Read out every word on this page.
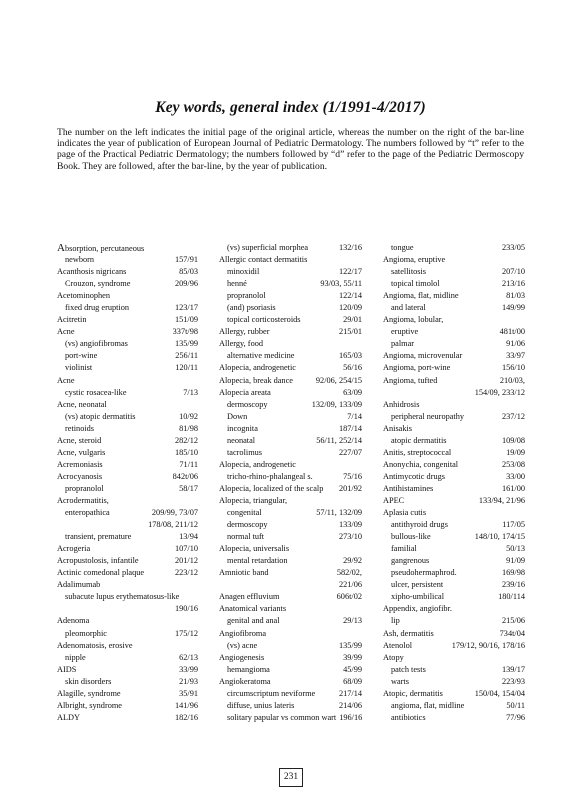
Key words, general index (1/1991-4/2017)
The number on the left indicates the initial page of the original article, whereas the number on the right of the bar-line indicates the year of publication of European Journal of Pediatric Dermatology. The numbers followed by “t” refer to the page of the Practical Pediatric Dermatology; the numbers followed by “d” refer to the page of the Pediatric Dermoscopy Book. They are followed, after the bar-line, by the year of publication.
Absorption, percutaneous
newborn	157/91
Acanthosis nigricans	85/03
Crouzon, syndrome	209/96
Acetominophen
fixed drug eruption	123/17
Acitretin	151/09
Acne	337t/98
(vs) angiofibromas	135/99
port-wine	256/11
violinist	120/11
Acne
cystic rosacea-like	7/13
Acne, neonatal
(vs) atopic dermatitis	10/92
retinoids	81/98
Acne, steroid	282/12
Acne, vulgaris	185/10
Acremoniasis	71/11
Acrocyanosis	842t/06
propranolol	58/17
Acrodermatitis,
enteropathica	209/99, 73/07
178/08, 211/12
transient, premature	13/94
Acrogeria	107/10
Acropustolosis, infantile	201/12
Actinic comedonal plaque	223/12
Adalimumab
subacute lupus erythematosus-like
190/16
Adenoma
pleomorphic	175/12
Adenomatosis, erosive
nipple	62/13
AIDS	33/99
skin disorders	21/93
Alagille, syndrome	35/91
Albright, syndrome	141/96
ALDY	182/16
(vs) superficial morphea	132/16
Allergic contact dermatitis
minoxidil	122/17
henné	93/03, 55/11
propranolol	122/14
(and) psoriasis	120/09
topical corticosteroids	29/01
Allergy, rubber	215/01
Allergy, food
alternative medicine	165/03
Alopecia, androgenetic	56/16
Alopecia, break dance	92/06, 254/15
Alopecia areata	63/09
dermoscopy	132/09, 133/09
Down	7/14
incognita	187/14
neonatal	56/11, 252/14
tacrolimus	227/07
Alopecia, androgenetic
tricho-rhino-phalangeal s.	75/16
Alopecia, localized of the scalp	201/92
Alopecia, triangular,
congenital	57/11, 132/09
dermoscopy	133/09
normal tuft	273/10
Alopecia, universalis
mental retardation	29/92
Amniotic band	582/02,
221/06
Anagen effluvium	606t/02
Anatomical variants
genital and anal	29/13
Angiofibroma
(vs) acne	135/99
Angiogenesis	39/99
hemangioma	45/99
Angiokeratoma	68/09
circumscriptum neviforme	217/14
diffuse, unius lateris	214/06
solitary papular vs common wart 196/16
tongue	233/05
Angioma, eruptive
satellitosis	207/10
topical timolol	213/16
Angioma, flat, midline	81/03
and lateral	149/99
Angioma, lobular,
eruptive	481t/00
palmar	91/06
Angioma, microvenular	33/97
Angioma, port-wine	156/10
Angioma, tufted	210/03,
154/09, 233/12
Anhidrosis
peripheral neuropathy	237/12
Anisakis
atopic dermatitis	109/08
Anitis, streptococcal	19/09
Anonychia, congenital	253/08
Antimycotic drugs	33/00
Antihistamines	161/00
APEC	133/94, 21/96
Aplasia cutis
antithyroid drugs	117/05
bullous-like	148/10, 174/15
familial	50/13
gangrenous	91/09
pseudohermaphrod.	169/98
ulcer, persistent	239/16
xipho-umbilical	180/114
Appendix, angiofibr.
lip	215/06
Ash, dermatitis	734t/04
Atenolol	179/12, 90/16, 178/16
Atopy
patch tests	139/17
warts	223/93
Atopic, dermatitis	150/04, 154/04
angioma, flat, midline	50/11
antibiotics	77/96
231
